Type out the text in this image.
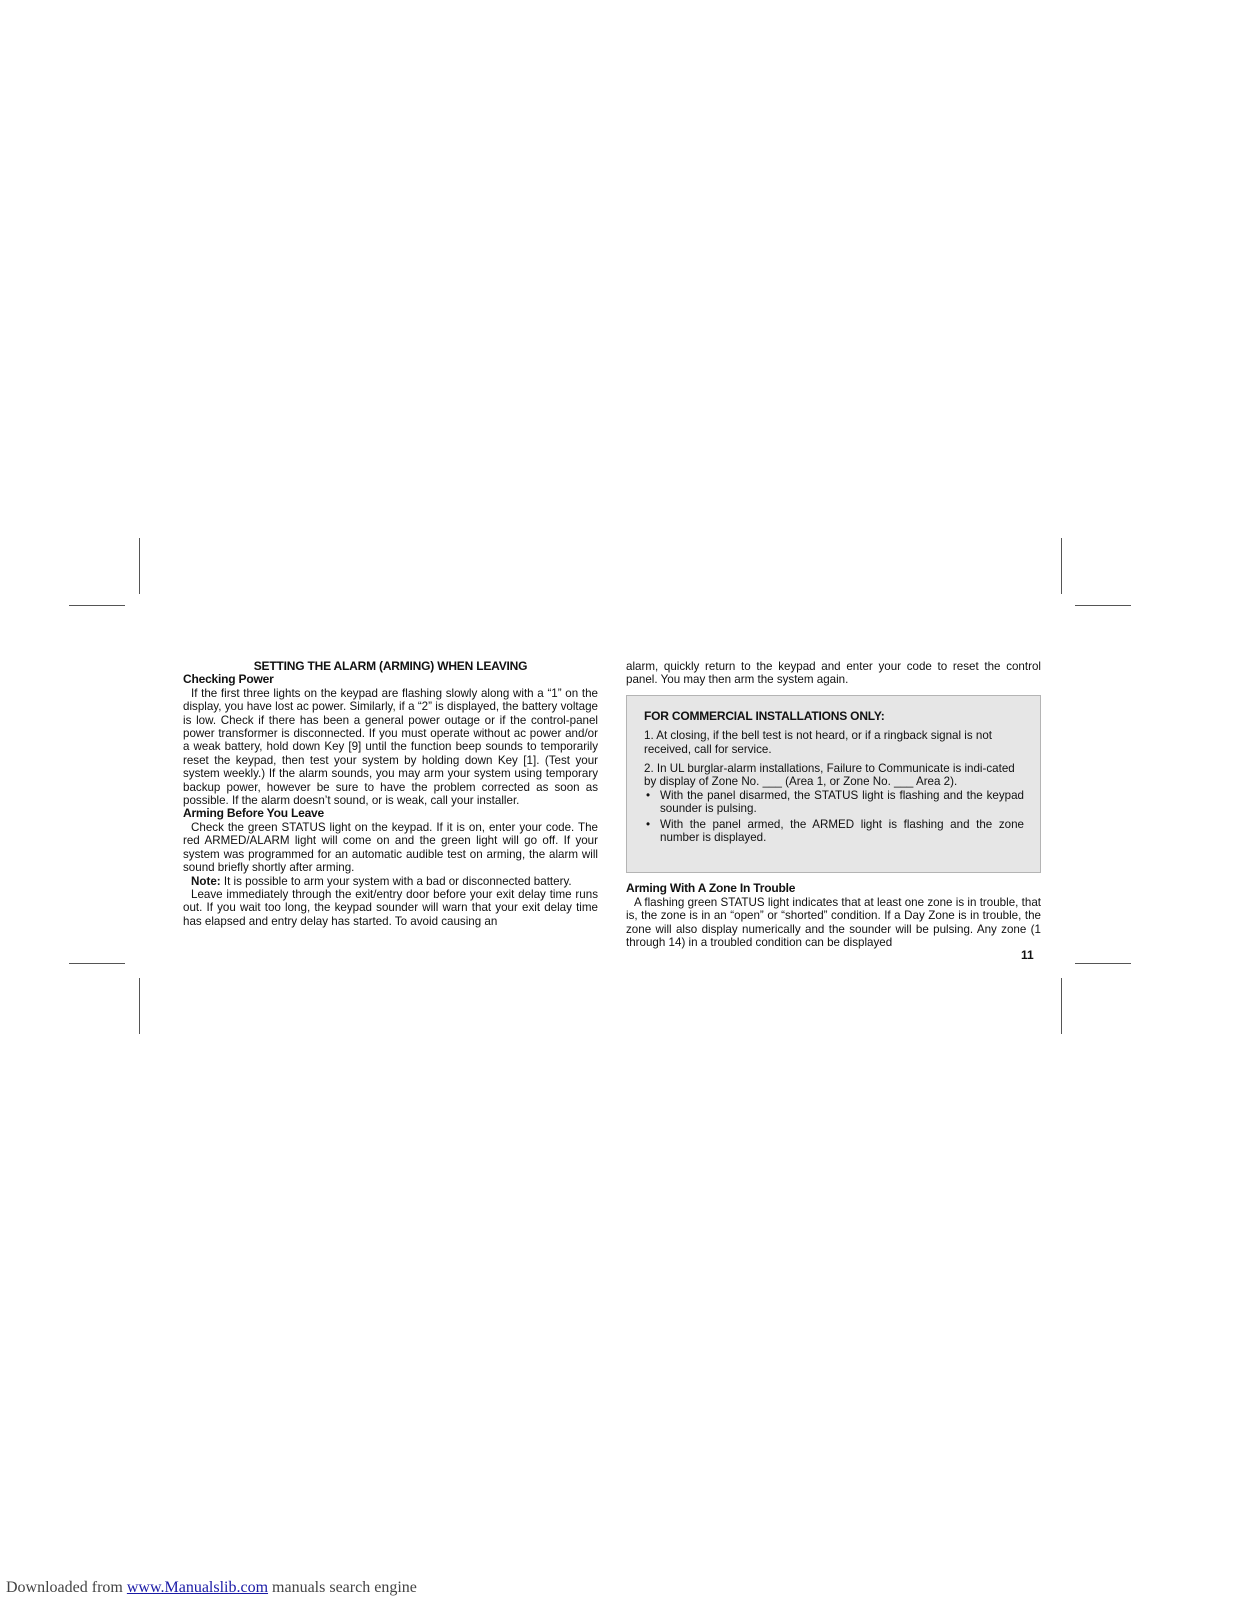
SETTING THE ALARM (ARMING) WHEN LEAVING

Checking Power

If the first three lights on the keypad are flashing slowly along with a “1” on the display, you have lost ac power. Similarly, if a “2” is displayed, the battery voltage is low. Check if there has been a general power outage or if the control-panel power transformer is disconnected. If you must operate without ac power and/or a weak battery, hold down Key [9] until the function beep sounds to temporarily reset the keypad, then test your system by holding down Key [1]. (Test your system weekly.) If the alarm sounds, you may arm your system using temporary backup power, however be sure to have the problem corrected as soon as possible. If the alarm doesn’t sound, or is weak, call your installer.

Arming Before You Leave

Check the green STATUS light on the keypad. If it is on, enter your code. The red ARMED/ALARM light will come on and the green light will go off. If your system was programmed for an automatic audible test on arming, the alarm will sound briefly shortly after arming.

Note: It is possible to arm your system with a bad or disconnected battery.

Leave immediately through the exit/entry door before your exit delay time runs out. If you wait too long, the keypad sounder will warn that your exit delay time has elapsed and entry delay has started. To avoid causing an

alarm, quickly return to the keypad and enter your code to reset the control panel. You may then arm the system again.

FOR COMMERCIAL INSTALLATIONS ONLY:

1. At closing, if the bell test is not heard, or if a ringback signal is not received, call for service.

2. In UL burglar-alarm installations, Failure to Communicate is indi-cated by display of Zone No. ___ (Area 1, or Zone No. ___ Area 2).

• With the panel disarmed, the STATUS light is flashing and the keypad sounder is pulsing.
• With the panel armed, the ARMED light is flashing and the zone number is displayed.

Arming With A Zone In Trouble

A flashing green STATUS light indicates that at least one zone is in trouble, that is, the zone is in an “open” or “shorted” condition. If a Day Zone is in trouble, the zone will also display numerically and the sounder will be pulsing. Any zone (1 through 14) in a troubled condition can be displayed

11
Downloaded from www.Manualslib.com manuals search engine
